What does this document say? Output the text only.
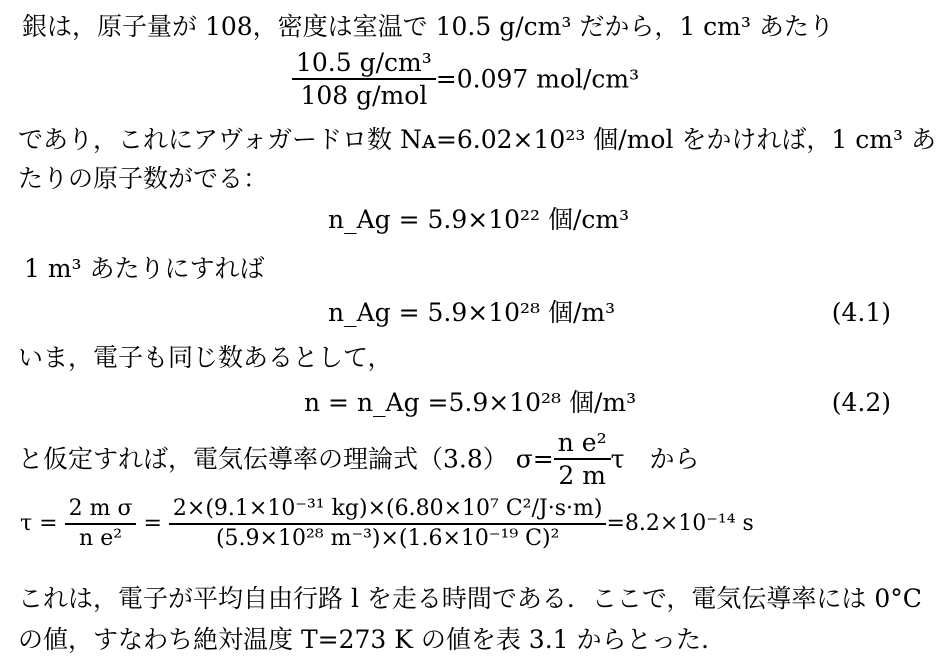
銀は，原子量が 108，密度は室温で 10.5 g/cm³ だから，1 cm³ あたり
$\frac{\text{10.5 g/cm³}}{\text{108 g/mol}} =0.097$ mol/cm³
であり，これにアヴォガードロ数 Nᴀ=6.02×10²³ 個/mol をかければ，1 cm³ あ
たりの原子数がでる：
n_Ag = 5.9×10²² 個/cm³
1 m³ あたりにすれば
n_Ag = 5.9×10²⁸ 個/m³	(4.1)
いま，電子も同じ数あるとして，
n = n_Ag =5.9×10²⁸ 個/m³	(4.2)
と仮定すれば，電気伝導率の理論式（3.8） $\sigma= \frac{\text{n e²}}{2 m}$ τ　から
$\tau = \frac{\text{2 m σ}}{\text{n e²}} = \frac{\text{2×(9.1×10⁻³¹ kg)×(6.80×10⁷ C²/J·s·m)}}{\text{(5.9×10²⁸ m⁻³)×(1.6×10⁻¹⁹ C)²}} =8.2\times 10^{-14}$ s
これは，電子が平均自由行路 l を走る時間である．ここで，電気伝導率には 0°C
の値，すなわち絶対温度 T=273 K の値を表 3.1 からとった.
